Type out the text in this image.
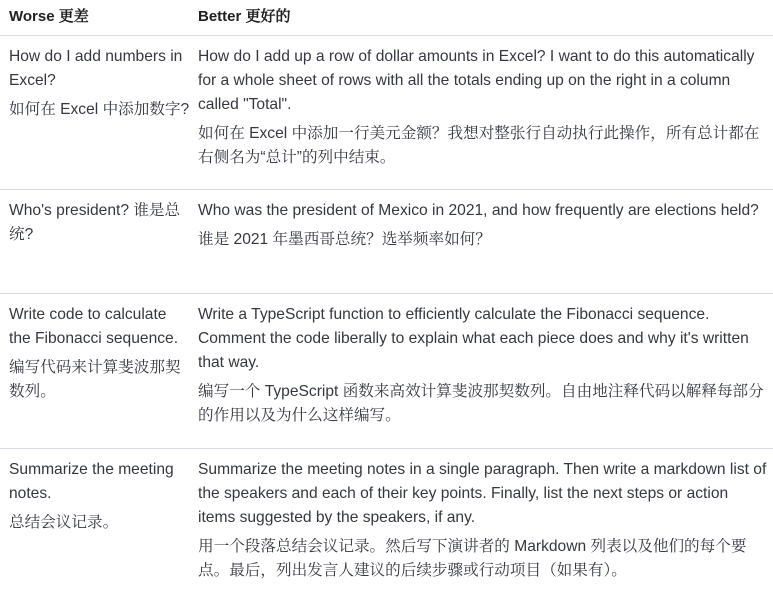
Worse 更差	Better 更好的
How do I add numbers in Excel?
如何在 Excel 中添加数字?
How do I add up a row of dollar amounts in Excel? I want to do this automatically for a whole sheet of rows with all the totals ending up on the right in a column called "Total".
如何在 Excel 中添加一行美元金额？我想对整张行自动执行此操作，所有总计都在右侧名为“总计”的列中结束。
Who's president? 谁是总统?
Who was the president of Mexico in 2021, and how frequently are elections held?
谁是 2021 年墨西哥总统？选举频率如何？
Write code to calculate the Fibonacci sequence.
编写代码来计算斐波那契数列。
Write a TypeScript function to efficiently calculate the Fibonacci sequence. Comment the code liberally to explain what each piece does and why it's written that way.
编写一个 TypeScript 函数来高效计算斐波那契数列。自由地注释代码以解释每部分的作用以及为什么这样编写。
Summarize the meeting notes.
总结会议记录。
Summarize the meeting notes in a single paragraph. Then write a markdown list of the speakers and each of their key points. Finally, list the next steps or action items suggested by the speakers, if any.
用一个段落总结会议记录。然后写下演讲者的 Markdown 列表以及他们的每个要点。最后，列出发言人建议的后续步骤或行动项目（如果有）。
